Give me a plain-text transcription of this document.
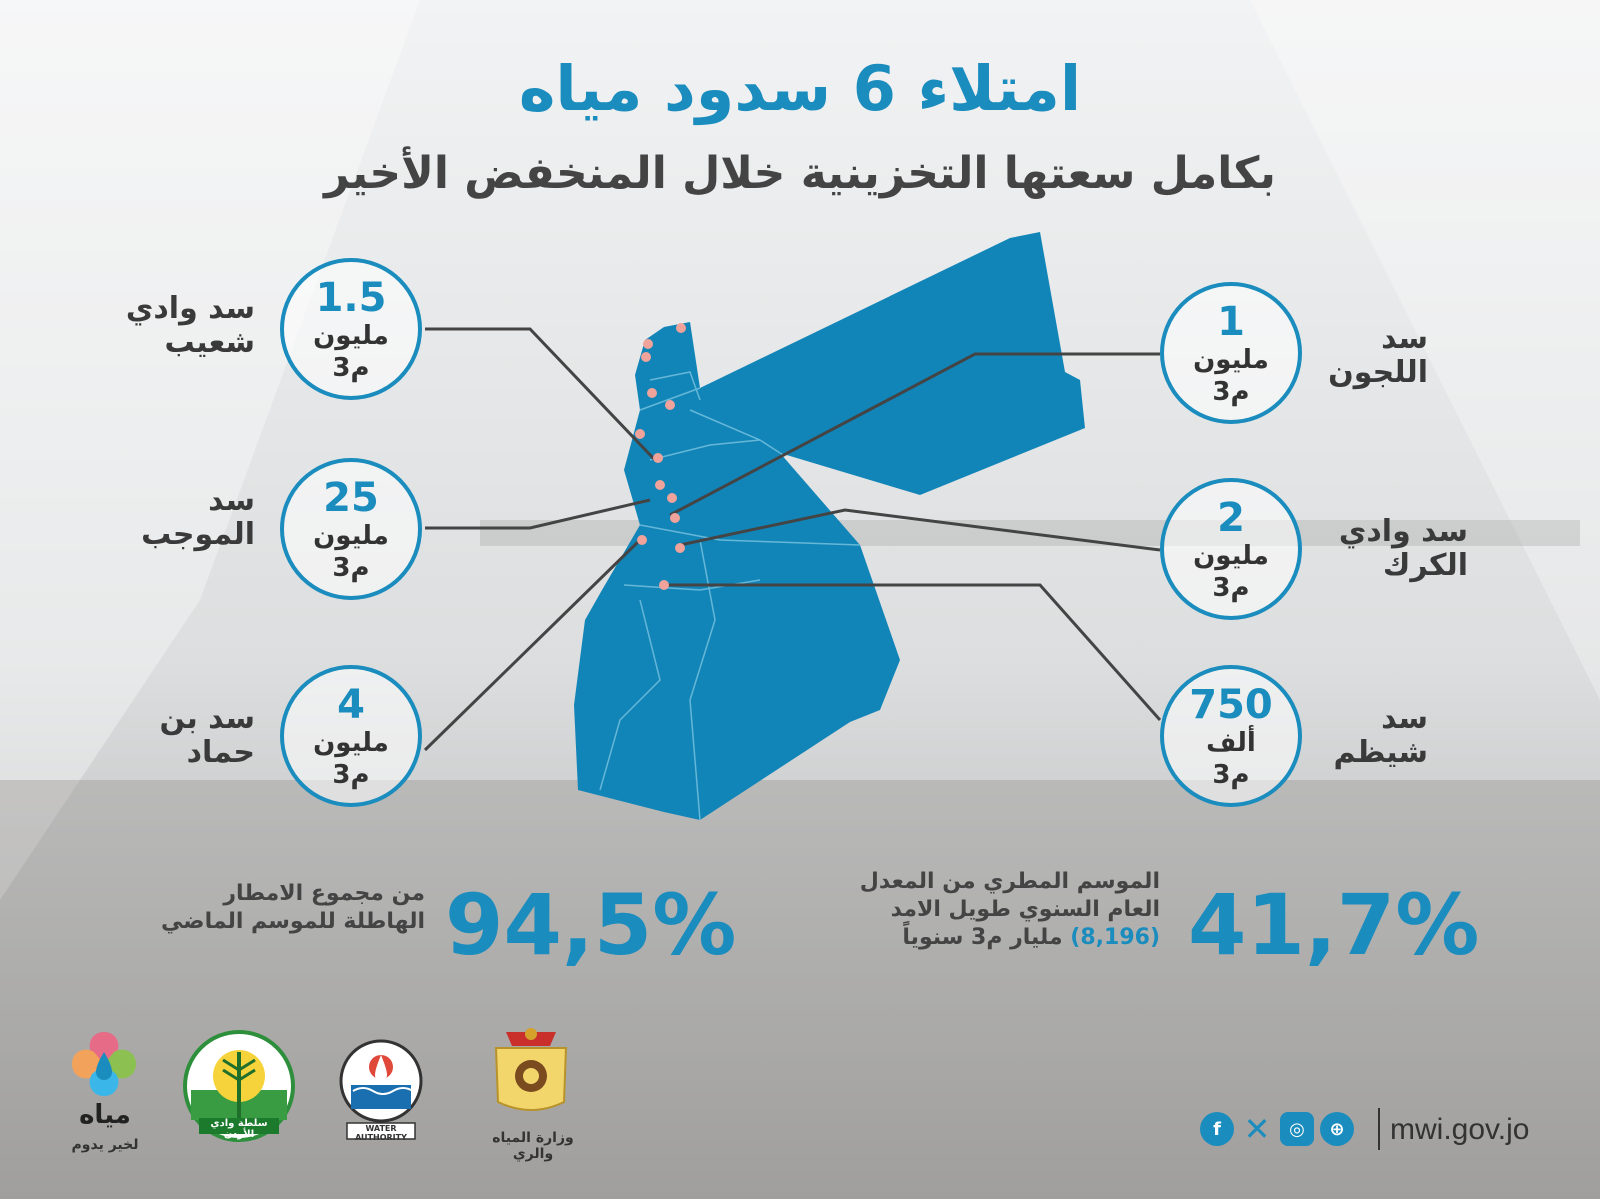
امتلاء 6 سدود مياه
بكامل سعتها التخزينية خلال المنخفض الأخير
1.5
مليون
م3
سد وادي شعيب
25
مليون
م3
سد الموجب
4
مليون
م3
سد بن حماد
1
مليون
م3
سد اللجون
2
مليون
م3
سد وادي الكرك
750
ألف
م3
سد شيظم
94,5%
من مجموع الامطار
الهاطلة للموسم الماضي	41,7%
الموسم المطري من المعدل
العام السنوي طويل الامد
(8,196) مليار م3 سنوياً
مياه
لخير يدوم
سلطة وادي الأردن
WATER AUTHORITY	وزارة المياه والري
f ✕	◎	⊕	mwi.gov.jo
